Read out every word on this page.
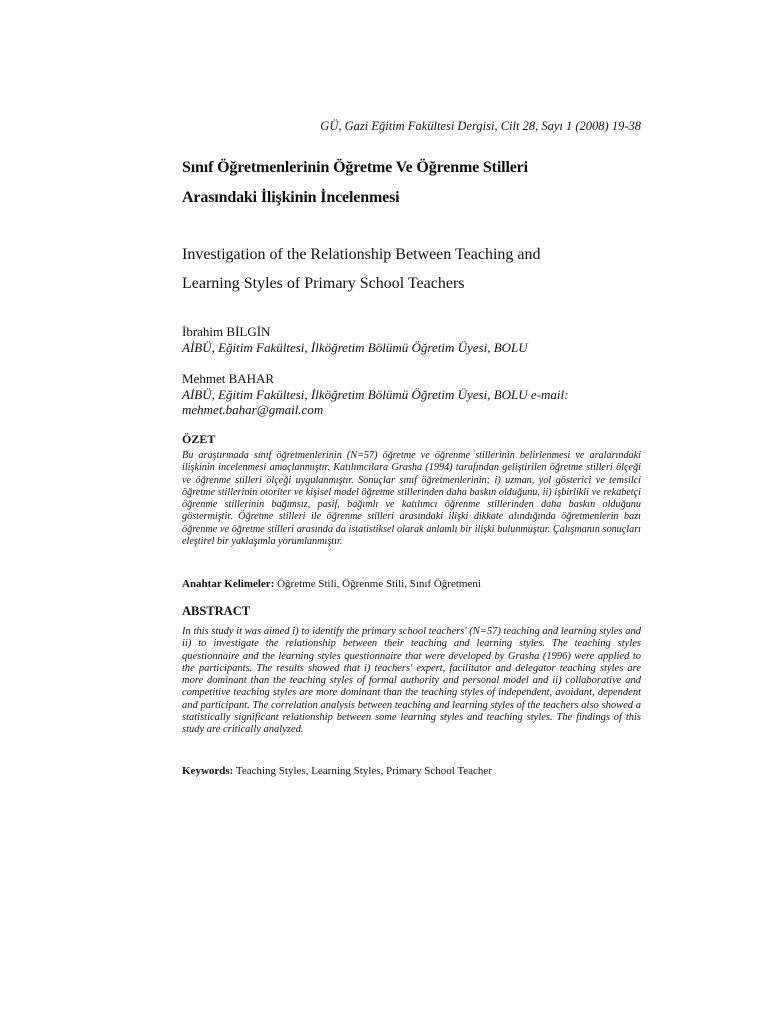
GÜ, Gazi Eğitim Fakültesi Dergisi, Cilt 28, Sayı 1 (2008) 19-38
Sınıf Öğretmenlerinin Öğretme Ve Öğrenme Stilleri
Arasındaki İlişkinin İncelenmesi
Investigation of the Relationship Between Teaching and
Learning Styles of Primary School Teachers
İbrahim BİLGİN
AİBÜ, Eğitim Fakültesi, İlköğretim Bölümü Öğretim Üyesi, BOLU
Mehmet BAHAR
AİBÜ, Eğitim Fakültesi, İlköğretim Bölümü Öğretim Üyesi, BOLU e-mail:
mehmet.bahar@gmail.com
ÖZET
Bu araştırmada sınıf öğretmenlerinin (N=57) öğretme ve öğrenme stillerinin belirlenmesi ve aralarındaki ilişkinin incelenmesi amaçlanmıştır. Katılımcılara Grasha (1994) tarafından geliştirilen öğretme stilleri ölçeği ve öğrenme stilleri ölçeği uygulanmıştır. Sonuçlar sınıf öğretmenlerinin; i) uzman, yol gösterici ve temsilci öğretme stillerinin otoriter ve kişisel model öğretme stillerinden daha baskın olduğunu, ii) işbirlikli ve rekabetçi öğrenme stillerinin bağımsız, pasif, bağımlı ve katılımcı öğrenme stillerinden daha baskın olduğunu göstermiştir. Öğretme stilleri ile öğrenme stilleri arasındaki ilişki dikkate alındığında öğretmenlerin bazı öğrenme ve öğretme stilleri arasında da istatistiksel olarak anlamlı bir ilişki bulunmuştur. Çalışmanın sonuçları eleştirel bir yaklaşımla yorumlanmıştır.
Anahtar Kelimeler: Öğretme Stili, Öğrenme Stili, Sınıf Öğretmeni
ABSTRACT
In this study it was aimed i) to identify the primary school teachers' (N=57) teaching and learning styles and ii) to investigate the relationship between their teaching and learning styles. The teaching styles questionnaire and the learning styles questionnaire that were developed by Grasha (1996) were applied to the participants. The results showed that i) teachers' expert, facilitator and delegator teaching styles are more dominant than the teaching styles of formal authority and personal model and ii) collaborative and competitive teaching styles are more dominant than the teaching styles of independent, avoidant, dependent and participant. The correlation analysis between teaching and learning styles of the teachers also showed a statistically significant relationship between some learning styles and teaching styles. The findings of this study are critically analyzed.
Keywords: Teaching Styles, Learning Styles, Primary School Teacher
